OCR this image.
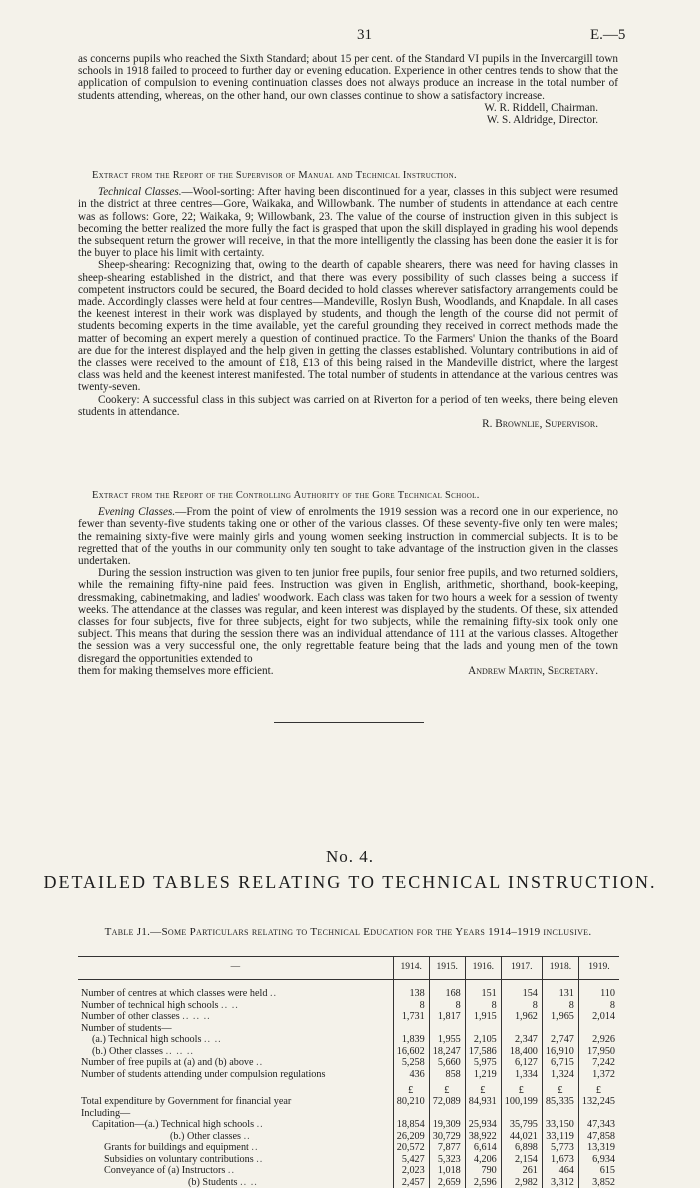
31	E.—5

as concerns pupils who reached the Sixth Standard; about 15 per cent. of the Standard VI pupils in the Invercargill town schools in 1918 failed to proceed to further day or evening education. Experience in other centres tends to show that the application of compulsion to evening continuation classes does not always produce an increase in the total number of students attending, whereas, on the other hand, our own classes continue to show a satisfactory increase.

W. R. Riddell, Chairman.
W. S. Aldridge, Director.

Extract from the Report of the Supervisor of Manual and Technical Instruction.

Technical Classes.—Wool-sorting: After having been discontinued for a year, classes in this subject were resumed in the district at three centres—Gore, Waikaka, and Willowbank. The number of students in attendance at each centre was as follows: Gore, 22; Waikaka, 9; Willowbank, 23. The value of the course of instruction given in this subject is becoming the better realized the more fully the fact is grasped that upon the skill displayed in grading his wool depends the subsequent return the grower will receive, in that the more intelligently the classing has been done the easier it is for the buyer to place his limit with certainty.

Sheep-shearing: Recognizing that, owing to the dearth of capable shearers, there was need for having classes in sheep-shearing established in the district, and that there was every possibility of such classes being a success if competent instructors could be secured, the Board decided to hold classes wherever satisfactory arrangements could be made. Accordingly classes were held at four centres—Mandeville, Roslyn Bush, Woodlands, and Knapdale. In all cases the keenest interest in their work was displayed by students, and though the length of the course did not permit of students becoming experts in the time available, yet the careful grounding they received in correct methods made the matter of becoming an expert merely a question of continued practice. To the Farmers' Union the thanks of the Board are due for the interest displayed and the help given in getting the classes established. Voluntary contributions in aid of the classes were received to the amount of £18, £13 of this being raised in the Mandeville district, where the largest class was held and the keenest interest manifested. The total number of students in attendance at the various centres was twenty-seven.

Cookery: A successful class in this subject was carried on at Riverton for a period of ten weeks, there being eleven students in attendance.

R. Brownlie, Supervisor.

Extract from the Report of the Controlling Authority of the Gore Technical School.

Evening Classes.—From the point of view of enrolments the 1919 session was a record one in our experience, no fewer than seventy-five students taking one or other of the various classes. Of these seventy-five only ten were males; the remaining sixty-five were mainly girls and young women seeking instruction in commercial subjects. It is to be regretted that of the youths in our community only ten sought to take advantage of the instruction given in the classes undertaken.

During the session instruction was given to ten junior free pupils, four senior free pupils, and two returned soldiers, while the remaining fifty-nine paid fees. Instruction was given in English, arithmetic, shorthand, book-keeping, dressmaking, cabinetmaking, and ladies' woodwork. Each class was taken for two hours a week for a session of twenty weeks. The attendance at the classes was regular, and keen interest was displayed by the students. Of these, six attended classes for four subjects, five for three subjects, eight for two subjects, while the remaining fifty-six took only one subject. This means that during the session there was an individual attendance of 111 at the various classes. Altogether the session was a very successful one, the only regrettable feature being that the lads and young men of the town disregard the opportunities extended to

them for making themselves more efficient.	Andrew Martin, Secretary.
No. 4.
DETAILED TABLES RELATING TO TECHNICAL INSTRUCTION.
Table J1.—Some Particulars relating to Technical Education for the Years 1914–1919 inclusive.
—	1914.	1915.	1916.	1917.	1918.	1919.

Number of centres at which classes were held ..	138	168	151	154	131	110
Number of technical high schools .. ..	8	8	8	8	8	8
Number of other classes .. .. ..	1,731	1,817	1,915	1,962	1,965	2,014
Number of students—						
(a.) Technical high schools .. ..	1,839	1,955	2,105	2,347	2,747	2,926
(b.) Other classes .. .. ..	16,602	18,247	17,586	18,400	16,910	17,950
Number of free pupils at (a) and (b) above ..	5,258	5,660	5,975	6,127	6,715	7,242
Number of students attending under compulsion regulations	436	858	1,219	1,334	1,324	1,372
	£	£	£	£	£	£
Total expenditure by Government for financial year	80,210	72,089	84,931	100,199	85,335	132,245
Including—						
Capitation—(a.) Technical high schools ..	18,854	19,309	25,934	35,795	33,150	47,343
(b.) Other classes ..	26,209	30,729	38,922	44,021	33,119	47,858
Grants for buildings and equipment ..	20,572	7,877	6,614	6,898	5,773	13,319
Subsidies on voluntary contributions ..	5,427	5,323	4,206	2,154	1,673	6,934
Conveyance of (a) Instructors ..	2,023	1,018	790	261	464	615
(b) Students .. ..	2,457	2,659	2,596	2,982	3,312	3,852
